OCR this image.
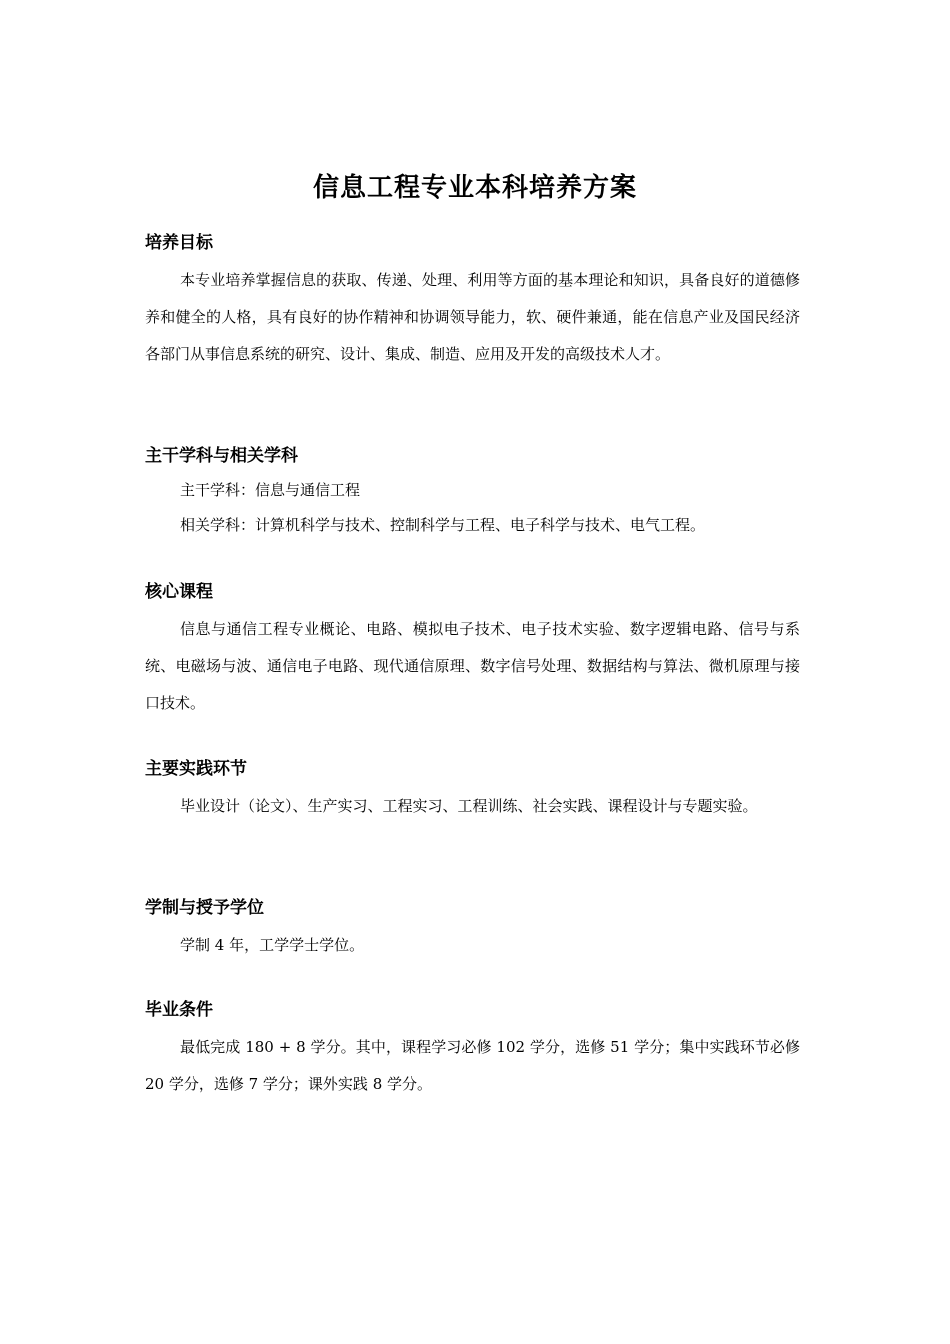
信息工程专业本科培养方案
培养目标

本专业培养掌握信息的获取、传递、处理、利用等方面的基本理论和知识，具备良好的道德修养和健全的人格，具有良好的协作精神和协调领导能力，软、硬件兼通，能在信息产业及国民经济各部门从事信息系统的研究、设计、集成、制造、应用及开发的高级技术人才。

主干学科与相关学科

主干学科：信息与通信工程

相关学科：计算机科学与技术、控制科学与工程、电子科学与技术、电气工程。

核心课程

信息与通信工程专业概论、电路、模拟电子技术、电子技术实验、数字逻辑电路、信号与系统、电磁场与波、通信电子电路、现代通信原理、数字信号处理、数据结构与算法、微机原理与接口技术。

主要实践环节

毕业设计（论文）、生产实习、工程实习、工程训练、社会实践、课程设计与专题实验。

学制与授予学位

学制 4 年，工学学士学位。

毕业条件

最低完成 180 + 8 学分。其中，课程学习必修 102 学分，选修 51 学分；集中实践环节必修 20 学分，选修 7 学分；课外实践 8 学分。
